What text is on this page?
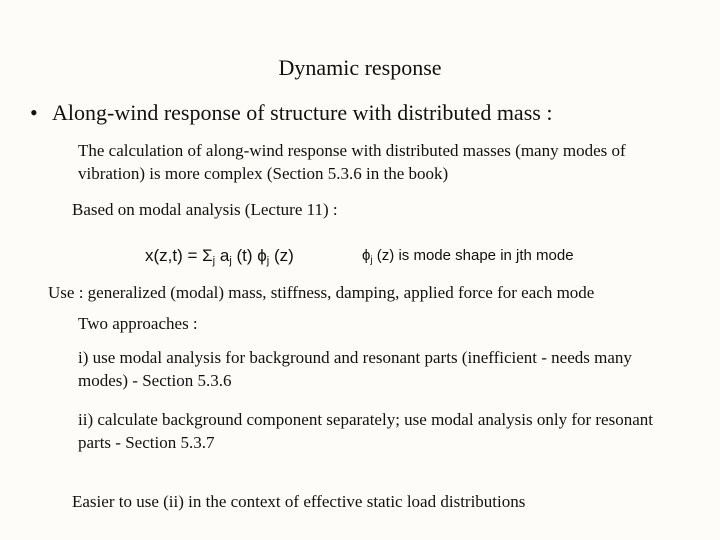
Dynamic response
• Along-wind response of structure with distributed mass :
The calculation of along-wind response with distributed masses (many modes of vibration) is more complex (Section 5.3.6 in the book)
Based on modal analysis (Lecture 11) :
$x(z,t) = \Sigma_j$ $a_j$ (t) $\phi_j$ (z)	$\phi_j$ (z) is mode shape in jth mode
Use : generalized (modal) mass, stiffness, damping, applied force for each mode
Two approaches :
i) use modal analysis for background and resonant parts (inefficient - needs many modes) - Section 5.3.6
ii) calculate background component separately; use modal analysis only for resonant parts - Section 5.3.7
Easier to use (ii) in the context of effective static load distributions
